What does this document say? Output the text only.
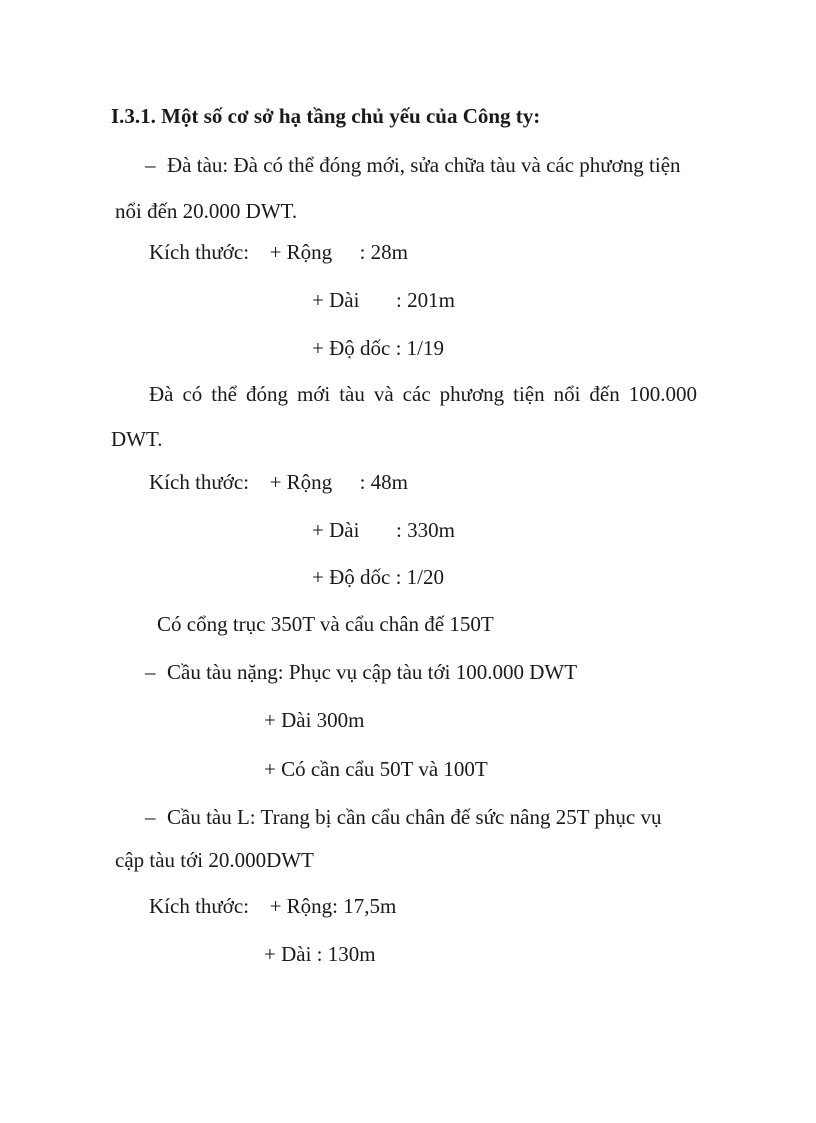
I.3.1. Một số cơ sở hạ tầng chủ yếu của Công ty:
– Đà tàu: Đà có thể đóng mới, sửa chữa tàu và các phương tiện
nổi đến 20.000 DWT.
Kích thước: + Rộng : 28m
+ Dài : 201m
+ Độ dốc : 1/19
Đà có thể đóng mới tàu và các phương tiện nổi đến 100.000
DWT.
Kích thước: + Rộng : 48m
+ Dài : 330m
+ Độ dốc : 1/20
Có cổng trục 350T và cẩu chân đế 150T
– Cầu tàu nặng: Phục vụ cập tàu tới 100.000 DWT
+ Dài 300m
+ Có cần cẩu 50T và 100T
– Cầu tàu L: Trang bị cần cẩu chân đế sức nâng 25T phục vụ
cập tàu tới 20.000DWT
Kích thước: + Rộng: 17,5m
+ Dài : 130m
